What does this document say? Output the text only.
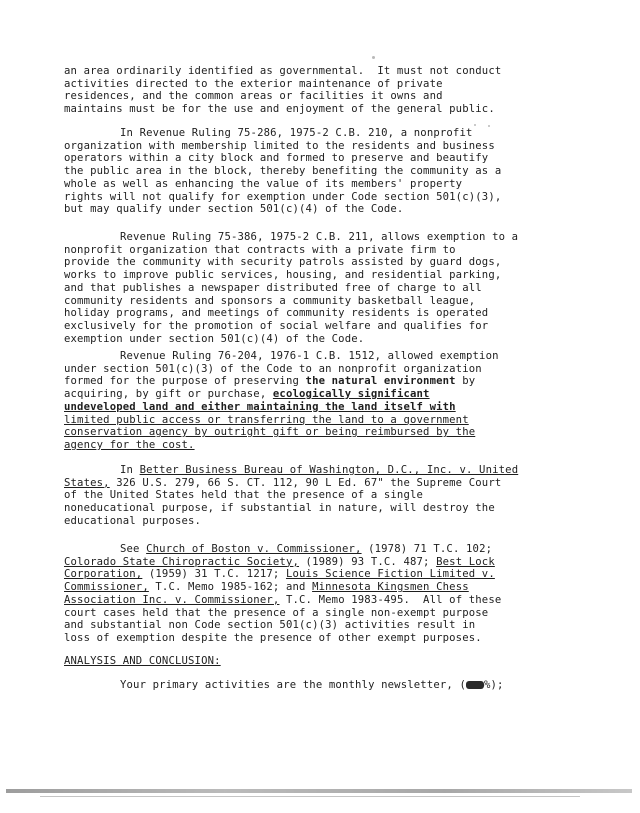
an area ordinarily identified as governmental.  It must not conduct
activities directed to the exterior maintenance of private
residences, and the common areas or facilities it owns and
maintains must be for the use and enjoyment of the general public.
In Revenue Ruling 75-286, 1975-2 C.B. 210, a nonprofit
organization with membership limited to the residents and business
operators within a city block and formed to preserve and beautify
the public area in the block, thereby benefiting the community as a
whole as well as enhancing the value of its members' property
rights will not qualify for exemption under Code section 501(c)(3),
but may qualify under section 501(c)(4) of the Code.
Revenue Ruling 75-386, 1975-2 C.B. 211, allows exemption to a
nonprofit organization that contracts with a private firm to
provide the community with security patrols assisted by guard dogs,
works to improve public services, housing, and residential parking,
and that publishes a newspaper distributed free of charge to all
community residents and sponsors a community basketball league,
holiday programs, and meetings of community residents is operated
exclusively for the promotion of social welfare and qualifies for
exemption under section 501(c)(4) of the Code.
Revenue Ruling 76-204, 1976-1 C.B. 1512, allowed exemption
under section 501(c)(3) of the Code to an nonprofit organization
formed for the purpose of preserving the natural environment by
acquiring, by gift or purchase, ecologically significant
undeveloped land and either maintaining the land itself with
limited public access or transferring the land to a government
conservation agency by outright gift or being reimbursed by the
agency for the cost.
In Better Business Bureau of Washington, D.C., Inc. v. United
States, 326 U.S. 279, 66 S. CT. 112, 90 L Ed. 67" the Supreme Court
of the United States held that the presence of a single
noneducational purpose, if substantial in nature, will destroy the
educational purposes.
See Church of Boston v. Commissioner, (1978) 71 T.C. 102;
Colorado State Chiropractic Society, (1989) 93 T.C. 487; Best Lock
Corporation, (1959) 31 T.C. 1217; Louis Science Fiction Limited v.
Commissioner, T.C. Memo 1985-162; and Minnesota Kingsmen Chess
Association Inc. v. Commissioner, T.C. Memo 1983-495.  All of these
court cases held that the presence of a single non-exempt purpose
and substantial non Code section 501(c)(3) activities result in
loss of exemption despite the presence of other exempt purposes.
ANALYSIS AND CONCLUSION:
Your primary activities are the monthly newsletter, ( %);
